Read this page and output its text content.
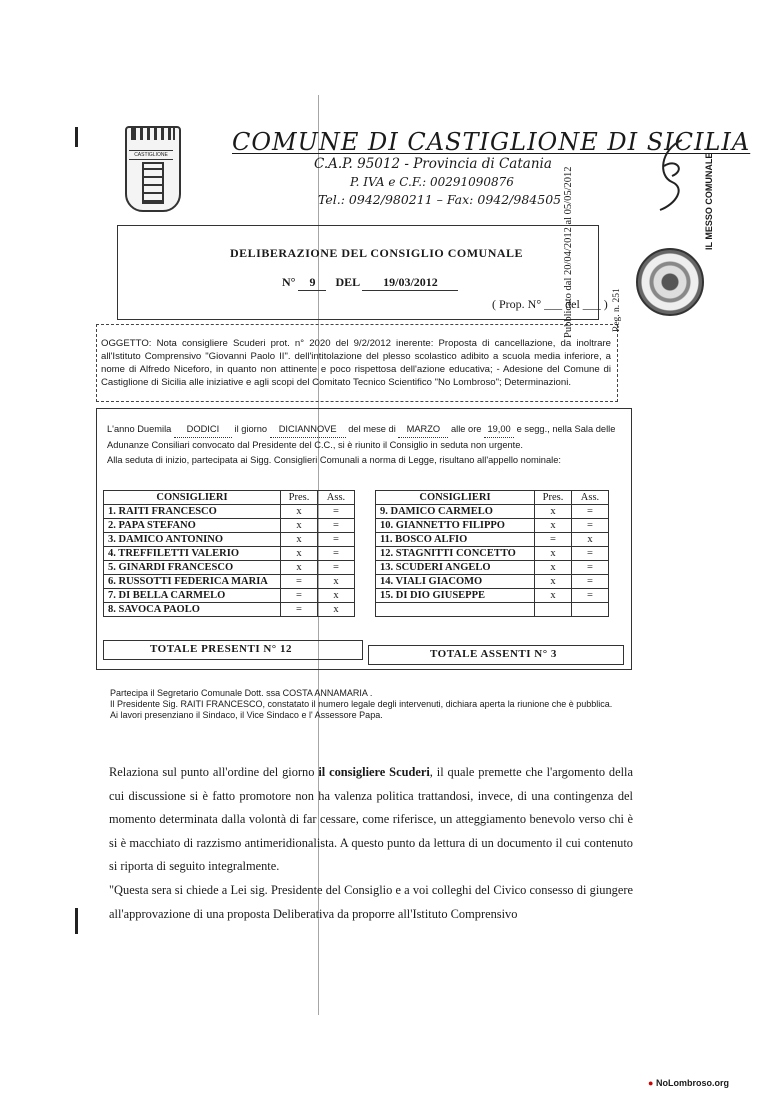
CASTIGLIONE	COMUNE DI CASTIGLIONE DI SICILIA
C.A.P. 95012 - Provincia di Catania
P. IVA e C.F.: 00291090876
Tel.: 0942/980211 – Fax: 0942/984505
DELIBERAZIONE DEL CONSIGLIO COMUNALE
N° 9 DEL 19/03/2012
( Prop. N° ___ del ___ )
OGGETTO: Nota consigliere Scuderi prot. n° 2020 del 9/2/2012 inerente: Proposta di cancellazione, da inoltrare all'Istituto Comprensivo "Giovanni Paolo II". dell'intitolazione del plesso scolastico adibito a scuola media inferiore, a nome di Alfredo Niceforo, in quanto non attinente e poco rispettosa dell'azione educativa; - Adesione del Comune di Castiglione di Sicilia alle iniziative e agli scopi del Comitato Tecnico Scientifico "No Lombroso"; Determinazioni.
L'anno Duemila DODICI il giorno DICIANNOVE del mese di MARZO alle ore 19,00 e segg., nella Sala delle Adunanze Consiliari convocato dal Presidente del C.C., si è riunito il Consiglio in seduta non urgente.
Alla seduta di inizio, partecipata ai Sigg. Consiglieri Comunali a norma di Legge, risultano all'appello nominale:
CONSIGLIERI	Pres.	Ass.
1. RAITI FRANCESCO	x	=
2. PAPA STEFANO	x	=
3. DAMICO ANTONINO	x	=
4. TREFFILETTI VALERIO	x	=
5. GINARDI FRANCESCO	x	=
6. RUSSOTTI FEDERICA MARIA	=	x
7. DI BELLA CARMELO	=	x
8. SAVOCA PAOLO	=	x
CONSIGLIERI	Pres.	Ass.
9. DAMICO CARMELO	x	=
10. GIANNETTO FILIPPO	x	=
11. BOSCO ALFIO	=	x
12. STAGNITTI CONCETTO	x	=
13. SCUDERI ANGELO	x	=
14. VIALI GIACOMO	x	=
15. DI DIO GIUSEPPE	x	=

TOTALE PRESENTI N° 12	TOTALE ASSENTI N° 3
Partecipa il Segretario Comunale Dott. ssa COSTA ANNAMARIA .
Il Presidente Sig. RAITI FRANCESCO, constatato il numero legale degli intervenuti, dichiara aperta la riunione che è pubblica.
Ai lavori presenziano il Sindaco, il Vice Sindaco e l' Assessore Papa.

Relaziona sul punto all'ordine del giorno il consigliere Scuderi, il quale premette che l'argomento della cui discussione si è fatto promotore non ha valenza politica trattandosi, invece, di una contingenza del momento determinata dalla volontà di far cessare, come riferisce, un atteggiamento benevolo verso chi è si è macchiato di razzismo antimeridionalista. A questo punto da lettura di un documento il cui contenuto si riporta di seguito integralmente.

"Questa sera si chiede a Lei sig. Presidente del Consiglio e a voi colleghi del Civico consesso di giungere all'approvazione di una proposta Deliberativa da proporre all'Istituto Comprensivo

Pubblicato dal 20/04/2012 al 05/05/2012	Reg. n. 251
IL MESSO COMUNALE
● NoLombroso.org
